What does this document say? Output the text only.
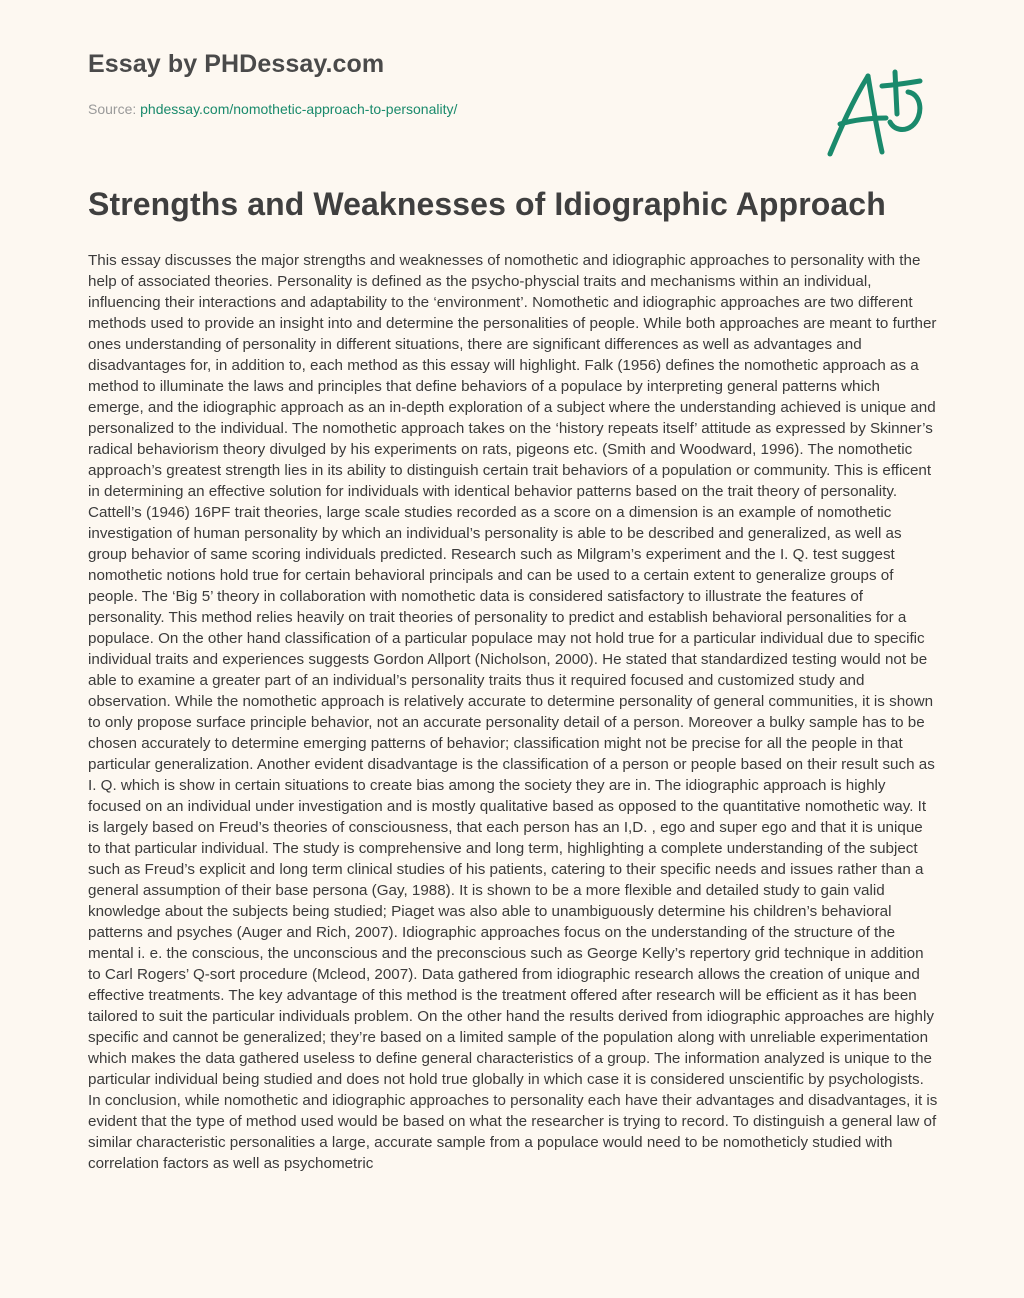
Essay by PHDessay.com
Source: phdessay.com/nomothetic-approach-to-personality/
Strengths and Weaknesses of Idiographic Approach

This essay discusses the major strengths and weaknesses of nomothetic and idiographic approaches to personality with the help of associated theories. Personality is defined as the psycho-physcial traits and mechanisms within an individual, influencing their interactions and adaptability to the ‘environment’. Nomothetic and idiographic approaches are two different methods used to provide an insight into and determine the personalities of people. While both approaches are meant to further ones understanding of personality in different situations, there are significant differences as well as advantages and disadvantages for, in addition to, each method as this essay will highlight. Falk (1956) defines the nomothetic approach as a method to illuminate the laws and principles that define behaviors of a populace by interpreting general patterns which emerge, and the idiographic approach as an in-depth exploration of a subject where the understanding achieved is unique and personalized to the individual. The nomothetic approach takes on the ‘history repeats itself’ attitude as expressed by Skinner’s radical behaviorism theory divulged by his experiments on rats, pigeons etc. (Smith and Woodward, 1996). The nomothetic approach’s greatest strength lies in its ability to distinguish certain trait behaviors of a population or community. This is efficent in determining an effective solution for individuals with identical behavior patterns based on the trait theory of personality. Cattell’s (1946) 16PF trait theories, large scale studies recorded as a score on a dimension is an example of nomothetic investigation of human personality by which an individual’s personality is able to be described and generalized, as well as group behavior of same scoring individuals predicted. Research such as Milgram’s experiment and the I. Q. test suggest nomothetic notions hold true for certain behavioral principals and can be used to a certain extent to generalize groups of people. The ‘Big 5’ theory in collaboration with nomothetic data is considered satisfactory to illustrate the features of personality. This method relies heavily on trait theories of personality to predict and establish behavioral personalities for a populace. On the other hand classification of a particular populace may not hold true for a particular individual due to specific individual traits and experiences suggests Gordon Allport (Nicholson, 2000). He stated that standardized testing would not be able to examine a greater part of an individual’s personality traits thus it required focused and customized study and observation. While the nomothetic approach is relatively accurate to determine personality of general communities, it is shown to only propose surface principle behavior, not an accurate personality detail of a person. Moreover a bulky sample has to be chosen accurately to determine emerging patterns of behavior; classification might not be precise for all the people in that particular generalization. Another evident disadvantage is the classification of a person or people based on their result such as I. Q. which is show in certain situations to create bias among the society they are in. The idiographic approach is highly focused on an individual under investigation and is mostly qualitative based as opposed to the quantitative nomothetic way. It is largely based on Freud’s theories of consciousness, that each person has an I,D. , ego and super ego and that it is unique to that particular individual. The study is comprehensive and long term, highlighting a complete understanding of the subject such as Freud’s explicit and long term clinical studies of his patients, catering to their specific needs and issues rather than a general assumption of their base persona (Gay, 1988). It is shown to be a more flexible and detailed study to gain valid knowledge about the subjects being studied; Piaget was also able to unambiguously determine his children’s behavioral patterns and psyches (Auger and Rich, 2007). Idiographic approaches focus on the understanding of the structure of the mental i. e. the conscious, the unconscious and the preconscious such as George Kelly’s repertory grid technique in addition to Carl Rogers’ Q-sort procedure (Mcleod, 2007). Data gathered from idiographic research allows the creation of unique and effective treatments. The key advantage of this method is the treatment offered after research will be efficient as it has been tailored to suit the particular individuals problem. On the other hand the results derived from idiographic approaches are highly specific and cannot be generalized; they’re based on a limited sample of the population along with unreliable experimentation which makes the data gathered useless to define general characteristics of a group. The information analyzed is unique to the particular individual being studied and does not hold true globally in which case it is considered unscientific by psychologists. In conclusion, while nomothetic and idiographic approaches to personality each have their advantages and disadvantages, it is evident that the type of method used would be based on what the researcher is trying to record. To distinguish a general law of similar characteristic personalities a large, accurate sample from a populace would need to be nomotheticly studied with correlation factors as well as psychometric
